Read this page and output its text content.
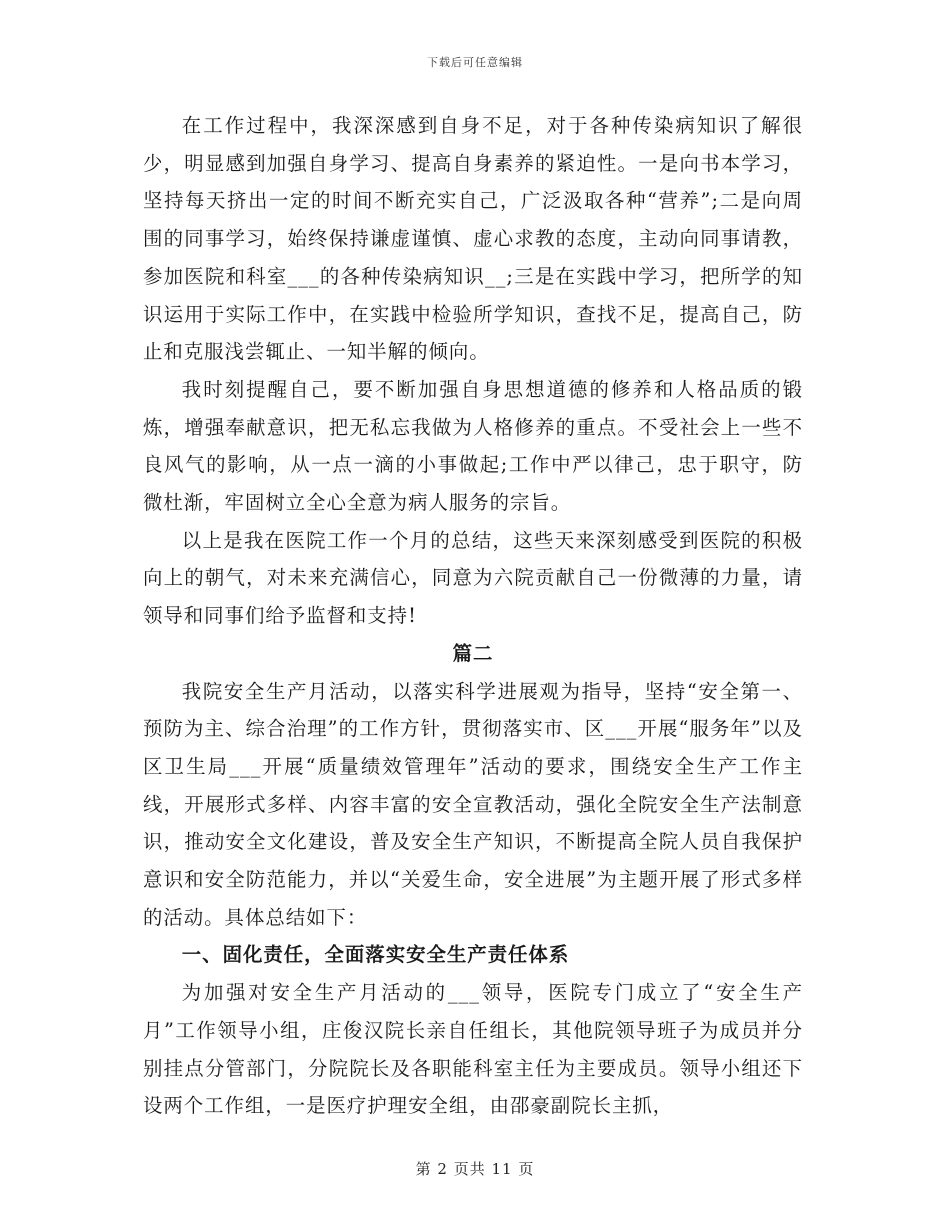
下载后可任意编辑

在工作过程中，我深深感到自身不足，对于各种传染病知识了解很少，明显感到加强自身学习、提高自身素养的紧迫性。一是向书本学习，坚持每天挤出一定的时间不断充实自己，广泛汲取各种“营养”;二是向周围的同事学习，始终保持谦虚谨慎、虚心求教的态度，主动向同事请教，参加医院和科室___的各种传染病知识__;三是在实践中学习，把所学的知识运用于实际工作中，在实践中检验所学知识，查找不足，提高自己，防止和克服浅尝辄止、一知半解的倾向。

我时刻提醒自己，要不断加强自身思想道德的修养和人格品质的锻炼，增强奉献意识，把无私忘我做为人格修养的重点。不受社会上一些不良风气的影响，从一点一滴的小事做起;工作中严以律己，忠于职守，防微杜渐，牢固树立全心全意为病人服务的宗旨。

以上是我在医院工作一个月的总结，这些天来深刻感受到医院的积极向上的朝气，对未来充满信心，同意为六院贡献自己一份微薄的力量，请领导和同事们给予监督和支持!

篇二

我院安全生产月活动，以落实科学进展观为指导，坚持“安全第一、预防为主、综合治理”的工作方针，贯彻落实市、区___开展“服务年”以及区卫生局___开展“质量绩效管理年”活动的要求，围绕安全生产工作主线，开展形式多样、内容丰富的安全宣教活动，强化全院安全生产法制意识，推动安全文化建设，普及安全生产知识，不断提高全院人员自我保护意识和安全防范能力，并以“关爱生命，安全进展”为主题开展了形式多样的活动。具体总结如下：

一、固化责任，全面落实安全生产责任体系

为加强对安全生产月活动的___领导，医院专门成立了“安全生产月”工作领导小组，庄俊汉院长亲自任组长，其他院领导班子为成员并分别挂点分管部门，分院院长及各职能科室主任为主要成员。领导小组还下设两个工作组，一是医疗护理安全组，由邵豪副院长主抓，

第 2 页共 11 页
